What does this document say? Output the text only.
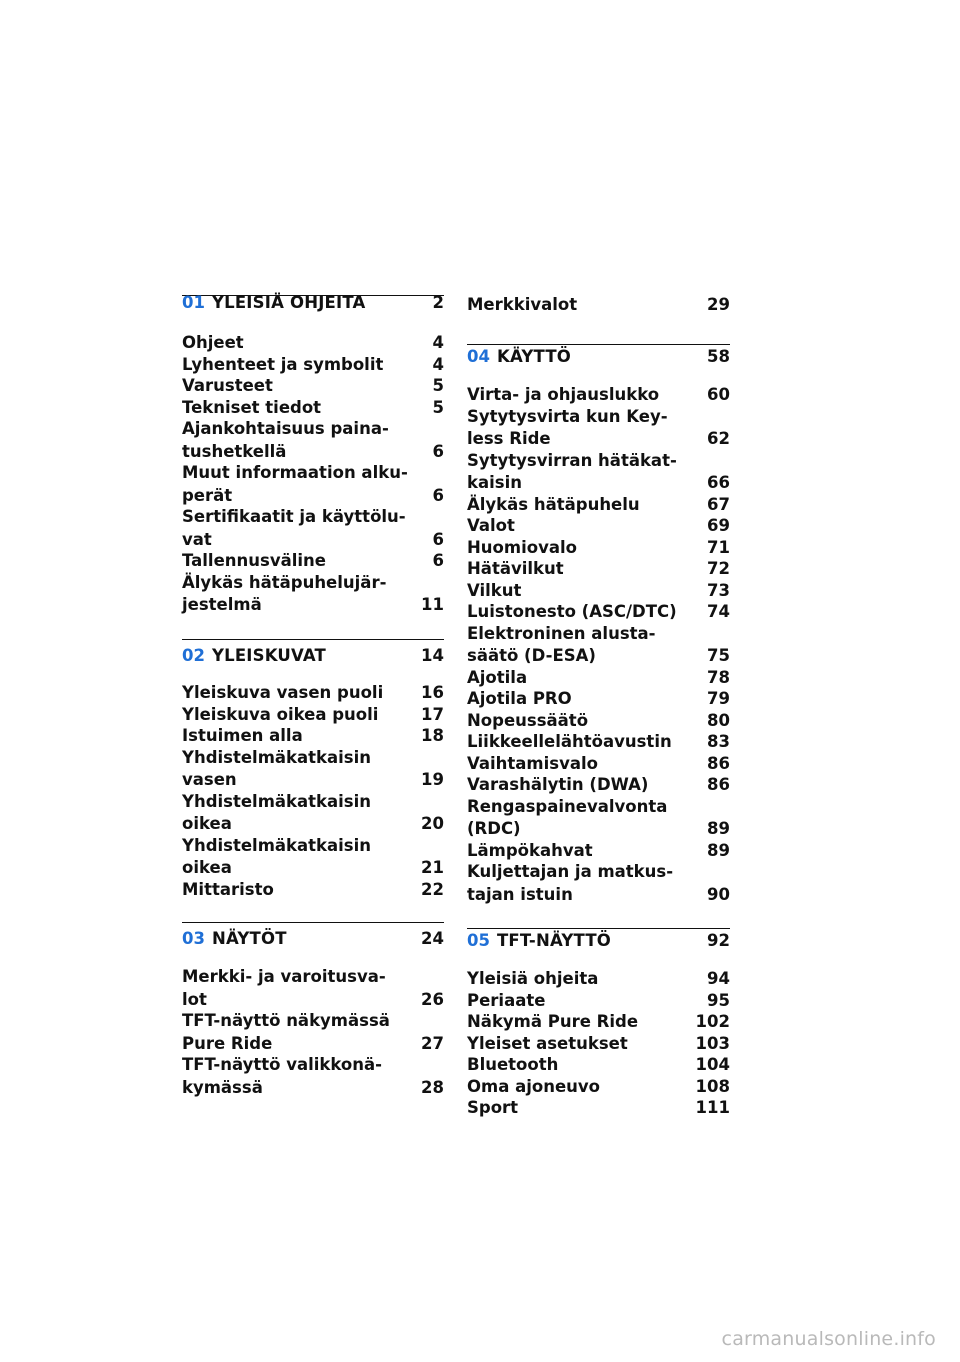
01 YLEISIÄ OHJEITA	2
Ohjeet	4
Lyhenteet ja symbolit	4
Varusteet	5
Tekniset tiedot	5
Ajankohtaisuus paina-
tushetkellä	6
Muut informaation alku-
perät	6
Sertifikaatit ja käyttölu-
vat	6
Tallennusväline	6
Älykäs hätäpuhelujär-
jestelmä	11
02 YLEISKUVAT	14
Yleiskuva vasen puoli	16
Yleiskuva oikea puoli	17
Istuimen alla	18
Yhdistelmäkatkaisin
vasen	19
Yhdistelmäkatkaisin
oikea	20
Yhdistelmäkatkaisin
oikea	21
Mittaristo	22
03 NÄYTÖT	24
Merkki- ja varoitusva-
lot	26
TFT-näyttö näkymässä
Pure Ride	27
TFT-näyttö valikkonä-
kymässä	28
Merkkivalot	29
04 KÄYTTÖ	58
Virta- ja ohjauslukko	60
Sytytysvirta kun Key-
less Ride	62
Sytytysvirran hätäkat-
kaisin	66
Älykäs hätäpuhelu	67
Valot	69
Huomiovalo	71
Hätävilkut	72
Vilkut	73
Luistonesto (ASC/DTC)	74
Elektroninen alusta-
säätö (D-ESA)	75
Ajotila	78
Ajotila PRO	79
Nopeussäätö	80
Liikkeellelähtöavustin	83
Vaihtamisvalo	86
Varashälytin (DWA)	86
Rengaspainevalvonta
(RDC)	89
Lämpökahvat	89
Kuljettajan ja matkus-
tajan istuin	90
05 TFT-NÄYTTÖ	92
Yleisiä ohjeita	94
Periaate	95
Näkymä Pure Ride	102
Yleiset asetukset	103
Bluetooth	104
Oma ajoneuvo	108
Sport	111
carmanualsonline.info
